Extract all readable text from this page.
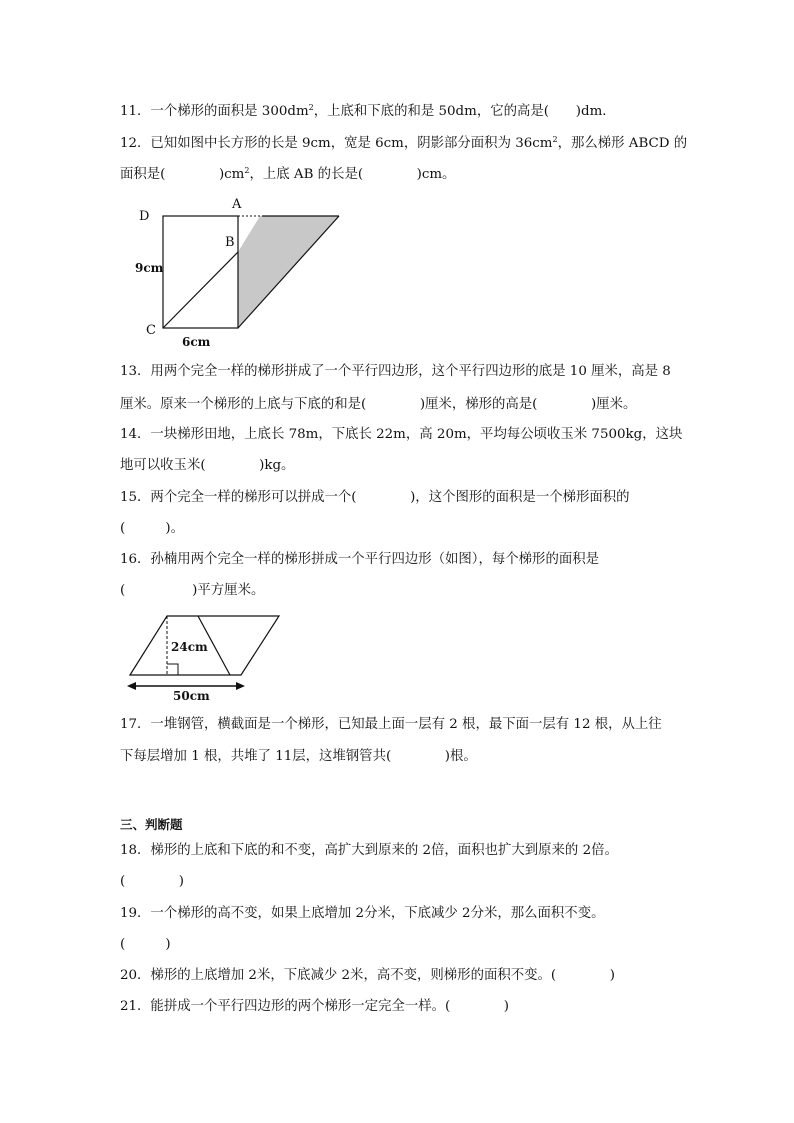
11．一个梯形的面积是 $300dm^2$，上底和下底的和是 50dm，它的高是(　　)dm．
12．已知如图中长方形的长是 9cm，宽是 6cm，阴影部分面积为 $36cm^2$，那么梯形 ABCD 的
面积是(　　　　)$cm^2$，上底 AB 的长是(　　　　)cm。
A
B
C
D
9cm
6cm
13．用两个完全一样的梯形拼成了一个平行四边形，这个平行四边形的底是 10 厘米，高是 8
厘米。原来一个梯形的上底与下底的和是(　　　　)厘米，梯形的高是(　　　　)厘米。
14．一块梯形田地，上底长 78m，下底长 22m，高 20m，平均每公顷收玉米 7500kg，这块
地可以收玉米(　　　　)kg。
15．两个完全一样的梯形可以拼成一个(　　　　)，这个图形的面积是一个梯形面积的
(　　　)。
16．孙楠用两个完全一样的梯形拼成一个平行四边形（如图），每个梯形的面积是
(　　　　　)平方厘米。
24cm
50cm
17．一堆钢管，横截面是一个梯形，已知最上面一层有 2 根，最下面一层有 12 根，从上往
下每层增加 1 根，共堆了 11层，这堆钢管共(　　　　)根。
三、判断题
18．梯形的上底和下底的和不变，高扩大到原来的 2倍，面积也扩大到原来的 2倍。
(　　　　)
19．一个梯形的高不变，如果上底增加 2分米，下底减少 2分米，那么面积不变。
(　　　)
20．梯形的上底增加 2米，下底减少 2米，高不变，则梯形的面积不变。(　　　　)
21．能拼成一个平行四边形的两个梯形一定完全一样。(　　　　)
